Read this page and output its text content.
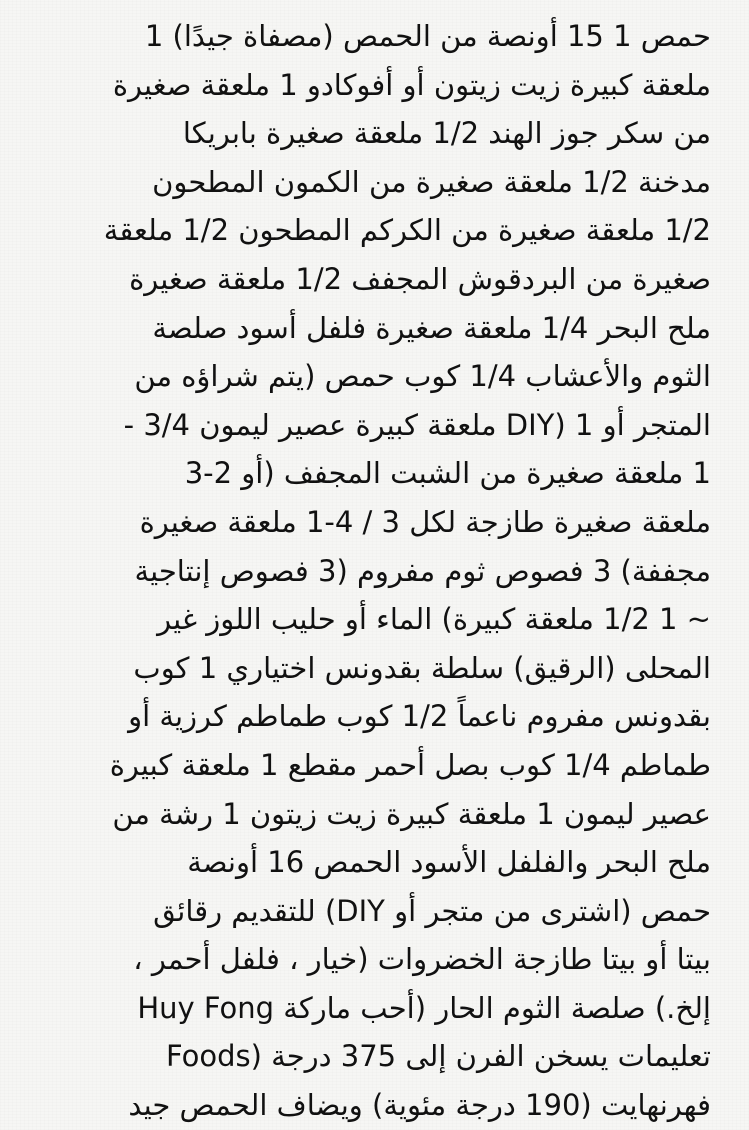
حمص 1 15 أونصة من الحمص (مصفاة جيدًا) 1
ملعقة كبيرة زيت زيتون أو أفوكادو 1 ملعقة صغيرة
من سكر جوز الهند 1/2 ملعقة صغيرة بابريكا
مدخنة 1/2 ملعقة صغيرة من الكمون المطحون
1/2 ملعقة صغيرة من الكركم المطحون 1/2 ملعقة
صغيرة من البردقوش المجفف 1/2 ملعقة صغيرة
ملح البحر 1/4 ملعقة صغيرة فلفل أسود صلصة
الثوم والأعشاب 1/4 كوب حمص (يتم شراؤه من
المتجر أو DIY) 1 ملعقة كبيرة عصير ليمون 3/4 -
1 ملعقة صغيرة من الشبت المجفف (أو 2-3
ملعقة صغيرة طازجة لكل 3 / 4-1 ملعقة صغيرة
مجففة) 3 فصوص ثوم مفروم (3 فصوص إنتاجية
~ 1 1/2 ملعقة كبيرة) الماء أو حليب اللوز غير
المحلى (الرقيق) سلطة بقدونس اختياري 1 كوب
بقدونس مفروم ناعماً 1/2 كوب طماطم كرزية أو
طماطم 1/4 كوب بصل أحمر مقطع 1 ملعقة كبيرة
عصير ليمون 1 ملعقة كبيرة زيت زيتون 1 رشة من
ملح البحر والفلفل الأسود الحمص 16 أونصة
حمص (اشترى من متجر أو DIY) للتقديم رقائق
بيتا أو بيتا طازجة الخضروات (خيار ، فلفل أحمر ،
إلخ.) صلصة الثوم الحار (أحب ماركة Huy Fong
Foods) تعليمات يسخن الفرن إلى 375 درجة
فهرنهايت (190 درجة مئوية) ويضاف الحمص جيد
